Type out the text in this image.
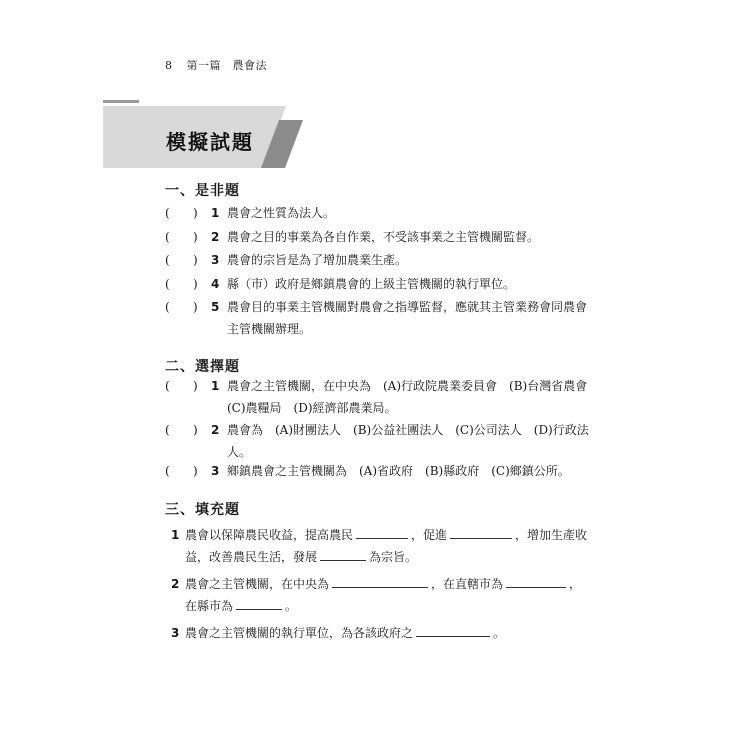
8 第一篇　農會法
模擬試題
一、是非題
( ) 1 農會之性質為法人。
( ) 2 農會之目的事業為各自作業，不受該事業之主管機關監督。
( ) 3 農會的宗旨是為了增加農業生產。
( ) 4 縣（市）政府是鄉鎮農會的上級主管機關的執行單位。
( ) 5 農會目的事業主管機關對農會之指導監督，應就其主管業務會同農會主管機關辦理。
二、選擇題
( ) 1 農會之主管機關，在中央為　(A)行政院農業委員會　(B)台灣省農會　(C)農糧局　(D)經濟部農業局。
( ) 2 農會為　(A)財團法人　(B)公益社團法人　(C)公司法人　(D)行政法人。
( ) 3 鄉鎮農會之主管機關為　(A)省政府　(B)縣政府　(C)鄉鎮公所。
三、填充題
1 農會以保障農民收益，提高農民	，促進	，增加生產收益，改善農民生活，發展	為宗旨。
2 農會之主管機關，在中央為	，在直轄市為	，在縣市為	。
3 農會之主管機關的執行單位，為各該政府之	。
